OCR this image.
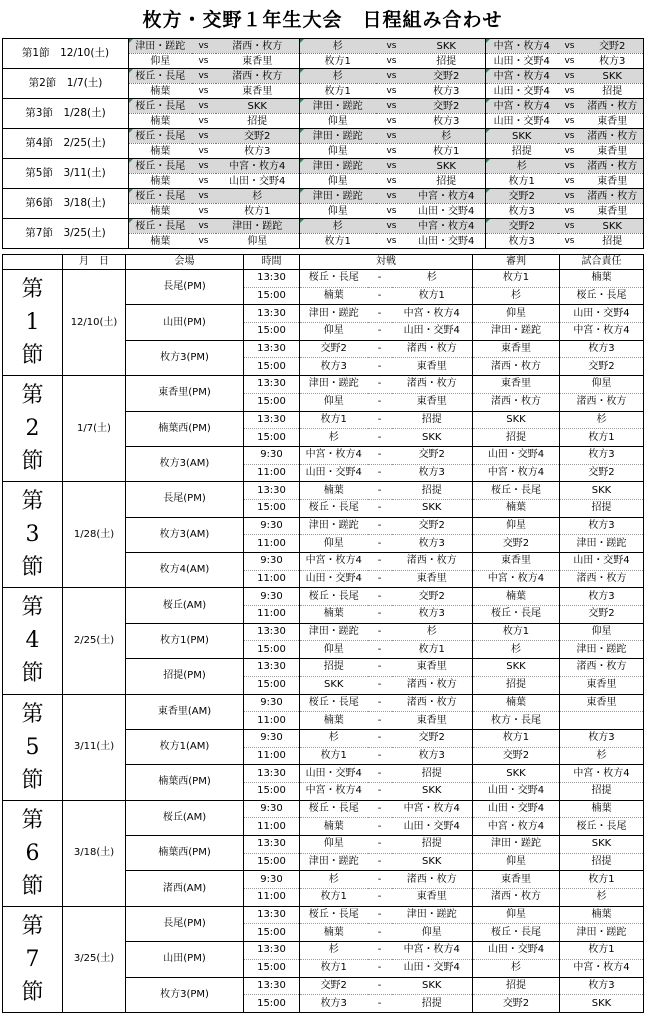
枚方・交野１年生大会　日程組み合わせ
第1節　12/10(土)	津田・蹉跎	vs	渚西・枚方	杉	vs	SKK	中宮・枚方4	vs	交野2
	仰星	vs	東香里	枚方1	vs	招提	山田・交野4	vs	枚方3
第2節　1/7(土)	桜丘・長尾	vs	渚西・枚方	杉	vs	交野2	中宮・枚方4	vs	SKK
	楠葉	vs	東香里	枚方1	vs	枚方3	山田・交野4	vs	招提
第3節　1/28(土)	桜丘・長尾	vs	SKK	津田・蹉跎	vs	交野2	中宮・枚方4	vs	渚西・枚方
	楠葉	vs	招提	仰星	vs	枚方3	山田・交野4	vs	東香里
第4節　2/25(土)	桜丘・長尾	vs	交野2	津田・蹉跎	vs	杉	SKK	vs	渚西・枚方
	楠葉	vs	枚方3	仰星	vs	枚方1	招提	vs	東香里
第5節　3/11(土)	桜丘・長尾	vs	中宮・枚方4	津田・蹉跎	vs	SKK	杉	vs	渚西・枚方
	楠葉	vs	山田・交野4	仰星	vs	招提	枚方1	vs	東香里
第6節　3/18(土)	桜丘・長尾	vs	杉	津田・蹉跎	vs	中宮・枚方4	交野2	vs	渚西・枚方
	楠葉	vs	枚方1	仰星	vs	山田・交野4	枚方3	vs	東香里
第7節　3/25(土)	桜丘・長尾	vs	津田・蹉跎	杉	vs	中宮・枚方4	交野2	vs	SKK
	楠葉	vs	仰星	枚方1	vs	山田・交野4	枚方3	vs	招提
	月　日	会場	時間	対戦			審判	試合責任

第
1
節	12/10(土)	長尾(PM)	13:30	桜丘・長尾	-	杉	枚方1	楠葉
			15:00	楠葉	-	枚方1	杉	桜丘・長尾
		山田(PM)	13:30	津田・蹉跎	-	中宮・枚方4	仰星	山田・交野4
			15:00	仰星	-	山田・交野4	津田・蹉跎	中宮・枚方4
		枚方3(PM)	13:30	交野2	-	渚西・枚方	東香里	枚方3
			15:00	枚方3	-	東香里	渚西・枚方	交野2

第
2
節	1/7(土)	東香里(PM)	13:30	津田・蹉跎	-	渚西・枚方	東香里	仰星
			15:00	仰星	-	東香里	渚西・枚方	渚西・枚方
		楠葉西(PM)	13:30	枚方1	-	招提	SKK	杉
			15:00	杉	-	SKK	招提	枚方1
		枚方3(AM)	9:30	中宮・枚方4	-	交野2	山田・交野4	枚方3
			11:00	山田・交野4	-	枚方3	中宮・枚方4	交野2

第
3
節	1/28(土)	長尾(PM)	13:30	楠葉	-	招提	桜丘・長尾	SKK
			15:00	桜丘・長尾	-	SKK	楠葉	招提
		枚方3(AM)	9:30	津田・蹉跎	-	交野2	仰星	枚方3
			11:00	仰星	-	枚方3	交野2	津田・蹉跎
		枚方4(AM)	9:30	中宮・枚方4	-	渚西・枚方	東香里	山田・交野4
			11:00	山田・交野4	-	東香里	中宮・枚方4	渚西・枚方

第
4
節	2/25(土)	桜丘(AM)	9:30	桜丘・長尾	-	交野2	楠葉	枚方3
			11:00	楠葉	-	枚方3	桜丘・長尾	交野2
		枚方1(PM)	13:30	津田・蹉跎	-	杉	枚方1	仰星
			15:00	仰星	-	枚方1	杉	津田・蹉跎
		招提(PM)	13:30	招提	-	東香里	SKK	渚西・枚方
			15:00	SKK	-	渚西・枚方	招提	東香里

第
5
節	3/11(土)	東香里(AM)	9:30	桜丘・長尾	-	渚西・枚方	楠葉	東香里
			11:00	楠葉	-	東香里	枚方・長尾	
		枚方1(AM)	9:30	杉	-	交野2	枚方1	枚方3
			11:00	枚方1	-	枚方3	交野2	杉
		楠葉西(PM)	13:30	山田・交野4	-	招提	SKK	中宮・枚方4
			15:00	中宮・枚方4	-	SKK	山田・交野4	招提

第
6
節	3/18(土)	桜丘(AM)	9:30	桜丘・長尾	-	中宮・枚方4	山田・交野4	楠葉
			11:00	楠葉	-	山田・交野4	中宮・枚方4	桜丘・長尾
		楠葉西(PM)	13:30	仰星	-	招提	津田・蹉跎	SKK
			15:00	津田・蹉跎	-	SKK	仰星	招提
		渚西(AM)	9:30	杉	-	渚西・枚方	東香里	枚方1
			11:00	枚方1	-	東香里	渚西・枚方	杉

第
7
節	3/25(土)	長尾(PM)	13:30	桜丘・長尾	-	津田・蹉跎	仰星	楠葉
			15:00	楠葉	-	仰星	桜丘・長尾	津田・蹉跎
		山田(PM)	13:30	杉	-	中宮・枚方4	山田・交野4	枚方1
			15:00	枚方1	-	山田・交野4	杉	中宮・枚方4
		枚方3(PM)	13:30	交野2	-	SKK	招提	枚方3
			15:00	枚方3	-	招提	交野2	SKK
